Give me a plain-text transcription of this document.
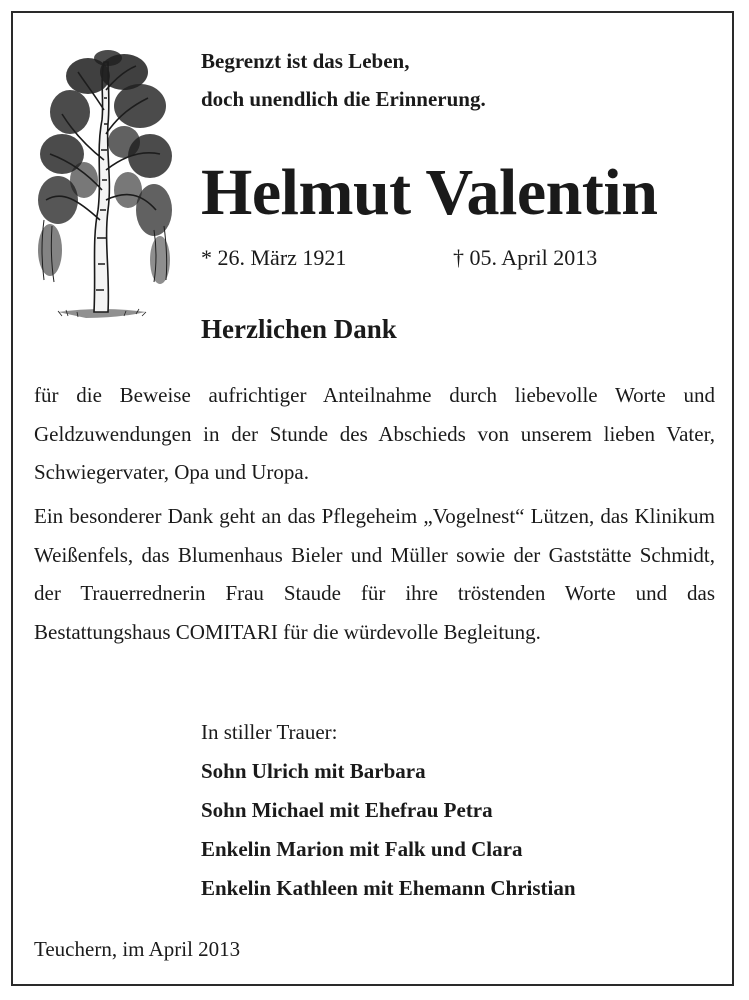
Begrenzt ist das Leben,
doch unendlich die Erinnerung.
Helmut Valentin
* 26. März 1921	† 05. April 2013
Herzlichen Dank
für die Beweise aufrichtiger Anteilnahme durch liebevolle Worte und Geldzuwendungen in der Stunde des Abschieds von unserem lieben Vater, Schwiegervater, Opa und Uropa.
Ein besonderer Dank geht an das Pflegeheim „Vogelnest“ Lützen, das Klinikum Weißenfels, das Blumenhaus Bieler und Müller sowie der Gaststätte Schmidt, der Trauerrednerin Frau Staude für ihre tröstenden Worte und das Bestattungshaus COMITARI für die würdevolle Begleitung.
In stiller Trauer:
Sohn Ulrich mit Barbara
Sohn Michael mit Ehefrau Petra
Enkelin Marion mit Falk und Clara
Enkelin Kathleen mit Ehemann Christian
Teuchern, im April 2013
